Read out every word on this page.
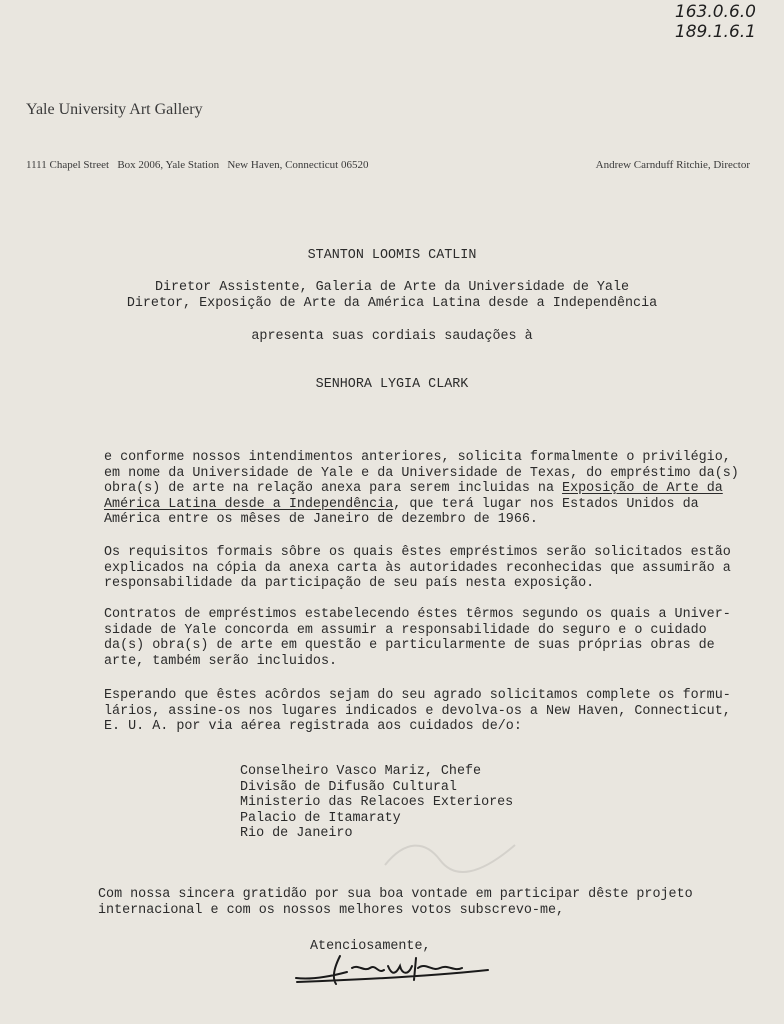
163.0.6.0
189.1.6.1
Yale University Art Gallery
1111 Chapel Street   Box 2006, Yale Station   New Haven, Connecticut 06520	Andrew Carnduff Ritchie, Director
STANTON LOOMIS CATLIN
Diretor Assistente, Galeria de Arte da Universidade de Yale
Diretor, Exposição de Arte da América Latina desde a Independência
apresenta suas cordiais saudações à
SENHORA LYGIA CLARK
e conforme nossos intendimentos anteriores, solicita formalmente o privilégio,
em nome da Universidade de Yale e da Universidade de Texas, do empréstimo da(s)
obra(s) de arte na relação anexa para serem incluidas na Exposição de Arte da
América Latina desde a Independência, que terá lugar nos Estados Unidos da
América entre os mêses de Janeiro de dezembro de 1966.
Os requisitos formais sôbre os quais êstes empréstimos serão solicitados estão
explicados na cópia da anexa carta às autoridades reconhecidas que assumirão a
responsabilidade da participação de seu país nesta exposição.
Contratos de empréstimos estabelecendo éstes têrmos segundo os quais a Univer-
sidade de Yale concorda em assumir a responsabilidade do seguro e o cuidado
da(s) obra(s) de arte em questão e particularmente de suas próprias obras de
arte, também serão incluidos.
Esperando que êstes acôrdos sejam do seu agrado solicitamos complete os formu-
lários, assine-os nos lugares indicados e devolva-os a New Haven, Connecticut,
E. U. A. por via aérea registrada aos cuidados de/o:
Conselheiro Vasco Mariz, Chefe
Divisão de Difusão Cultural
Ministerio das Relacoes Exteriores
Palacio de Itamaraty
Rio de Janeiro
Com nossa sincera gratidão por sua boa vontade em participar dêste projeto
internacional e com os nossos melhores votos subscrevo-me,
Atenciosamente,
